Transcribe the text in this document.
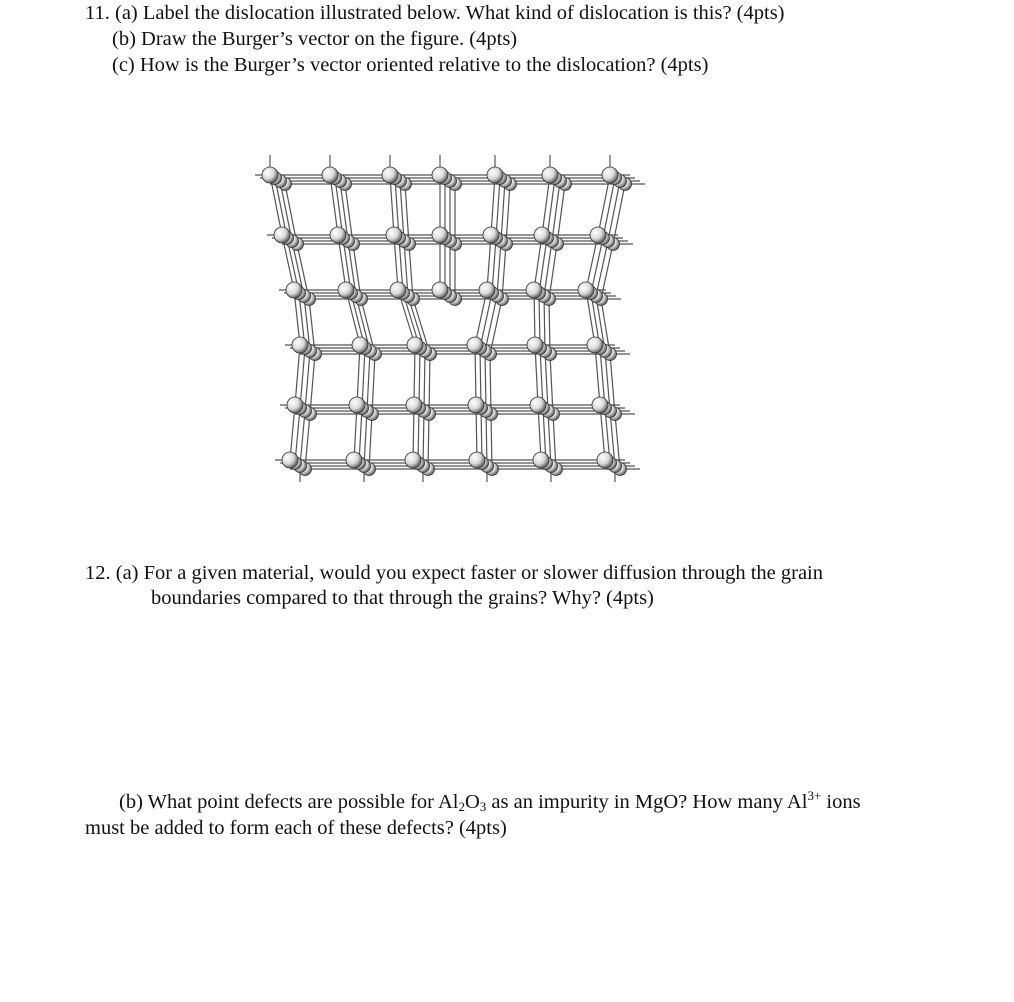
11. (a) Label the dislocation illustrated below. What kind of dislocation is this? (4pts)
(b) Draw the Burger’s vector on the figure. (4pts)
(c) How is the Burger’s vector oriented relative to the dislocation? (4pts)
12. (a) For a given material, would you expect faster or slower diffusion through the grain
boundaries compared to that through the grains? Why? (4pts)
(b) What point defects are possible for $Al_2O_3$ as an impurity in MgO? How many $Al^{3+}$ ions
must be added to form each of these defects? (4pts)
